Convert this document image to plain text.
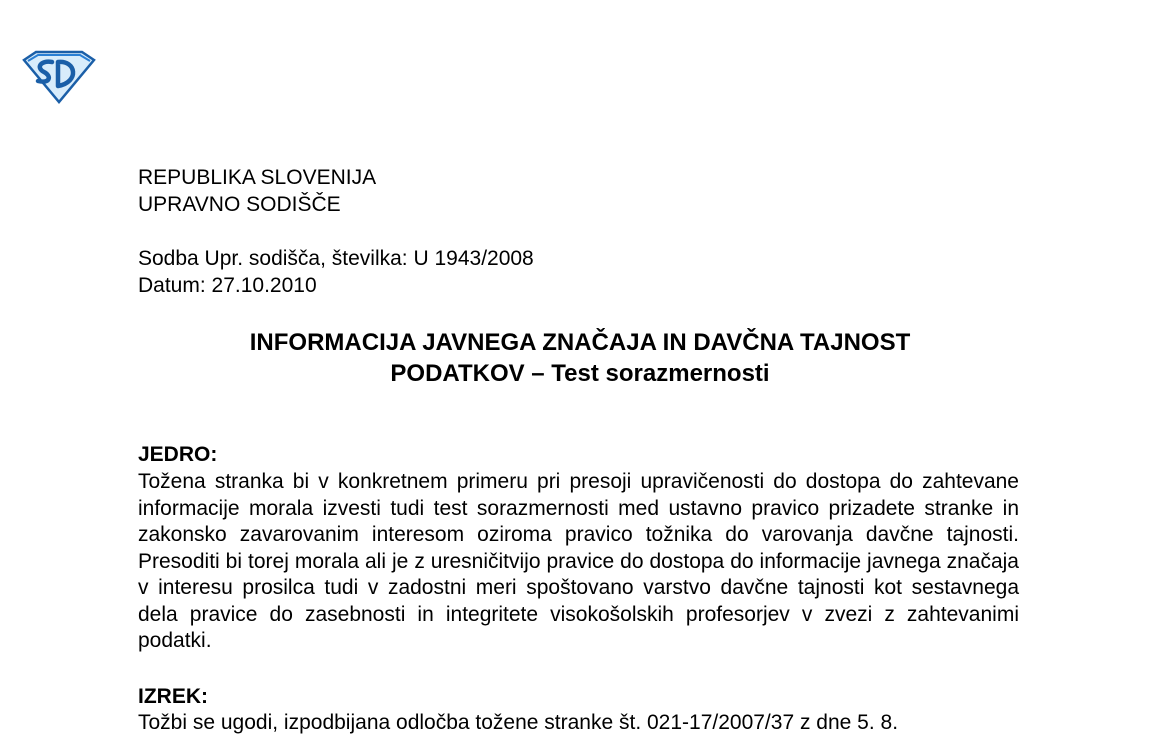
REPUBLIKA SLOVENIJA
UPRAVNO SODIŠČE
Sodba Upr. sodišča, številka: U 1943/2008
Datum: 27.10.2010
INFORMACIJA JAVNEGA ZNAČAJA IN DAVČNA TAJNOST
PODATKOV – Test sorazmernosti
JEDRO:
Tožena stranka bi v konkretnem primeru pri presoji upravičenosti do dostopa do zahtevane informacije morala izvesti tudi test sorazmernosti med ustavno pravico prizadete stranke in zakonsko zavarovanim interesom oziroma pravico tožnika do varovanja davčne tajnosti. Presoditi bi torej morala ali je z uresničitvijo pravice do dostopa do informacije javnega značaja v interesu prosilca tudi v zadostni meri spoštovano varstvo davčne tajnosti kot sestavnega dela pravice do zasebnosti in integritete visokošolskih profesorjev v zvezi z zahtevanimi podatki.
IZREK:
Tožbi se ugodi, izpodbijana odločba tožene stranke št. 021-17/2007/37 z dne 5. 8.
